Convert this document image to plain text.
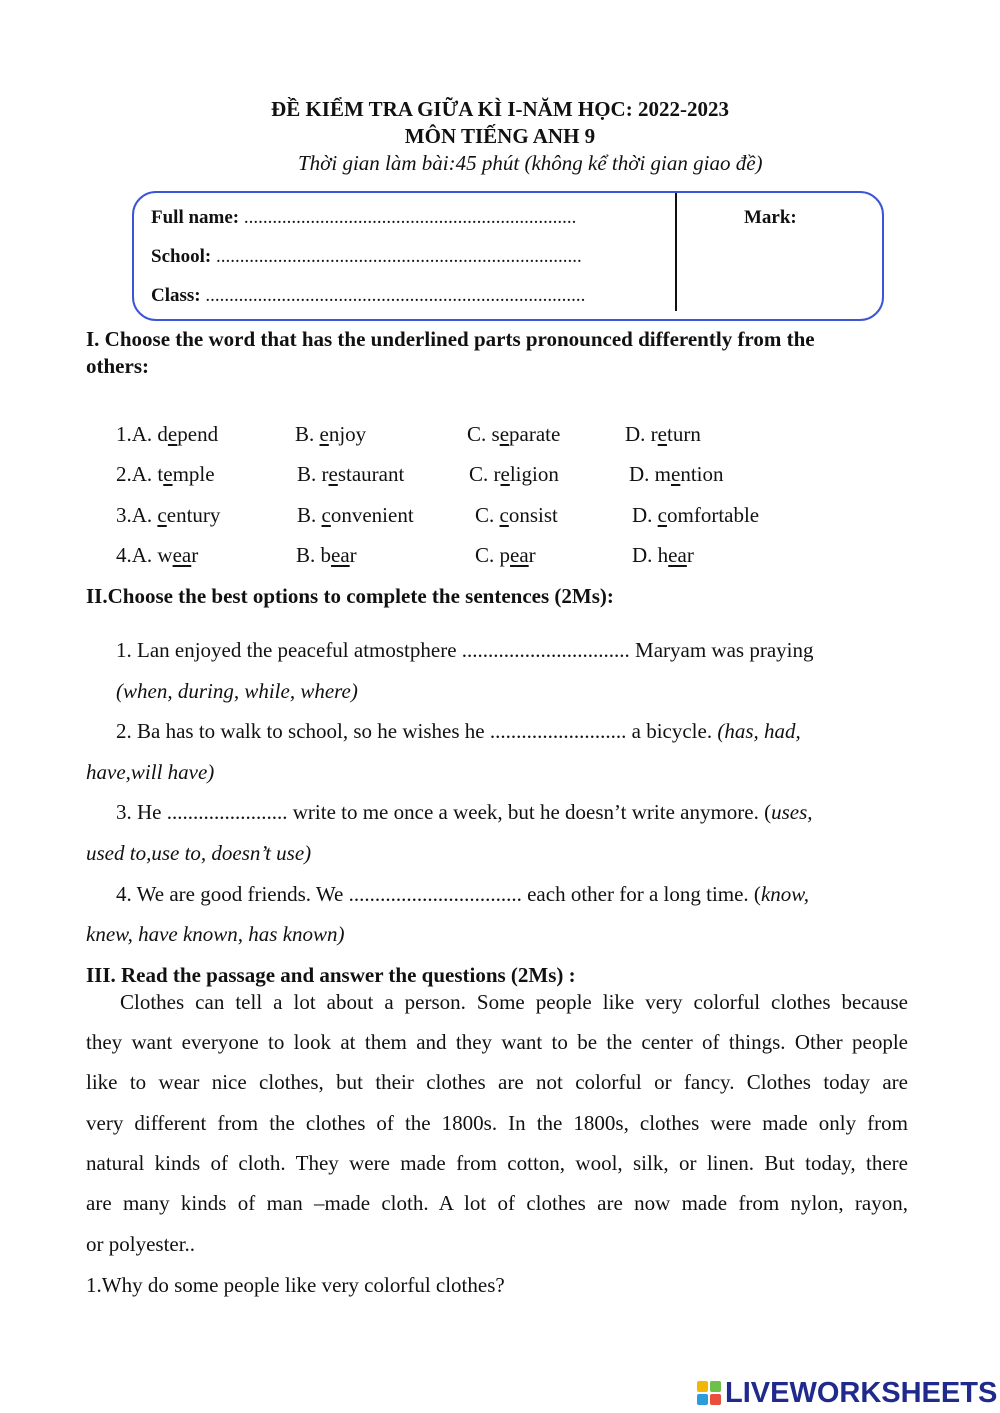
ĐỀ KIỂM TRA GIỮA KÌ I-NĂM HỌC: 2022-2023
MÔN TIẾNG ANH 9
Thời gian làm bài:45 phút (không kể thời gian giao đề)
Full name: ......................................................................
School: .............................................................................
Class: ................................................................................
Mark:
I. Choose the word that has the underlined parts pronounced differently from the
others:
1.A. depend	B. enjoy	C. separate	D. return
2.A. temple	B. restaurant	C. religion	D. mention
3.A. century	B. convenient	C. consist	D. comfortable
4.A. wear	B. bear	C. pear	D. hear
II.Choose the best options to complete the sentences (2Ms):
1. Lan enjoyed the peaceful atmostphere ................................ Maryam was praying
(when, during, while, where)
2. Ba has to walk to school, so he wishes he .......................... a bicycle. (has, had,
have,will have)
3. He ....................... write to me once a week, but he doesn’t write anymore. (uses,
used to,use to, doesn’t use)
4. We are good friends. We ................................. each other for a long time. (know,
knew, have known, has known)
III. Read the passage and answer the questions (2Ms) :
Clothes can tell a lot about a person. Some people like very colorful clothes because
they want everyone to look at them and they want to be the center of things. Other people
like to wear nice clothes, but their clothes are not colorful or fancy. Clothes today are
very different from the clothes of the 1800s. In the 1800s, clothes were made only from
natural kinds of cloth. They were made from cotton, wool, silk, or linen. But today, there
are many kinds of man –made cloth. A lot of clothes are now made from nylon, rayon,
or polyester..
1.Why do some people like very colorful clothes?
LIVEWORKSHEETS
